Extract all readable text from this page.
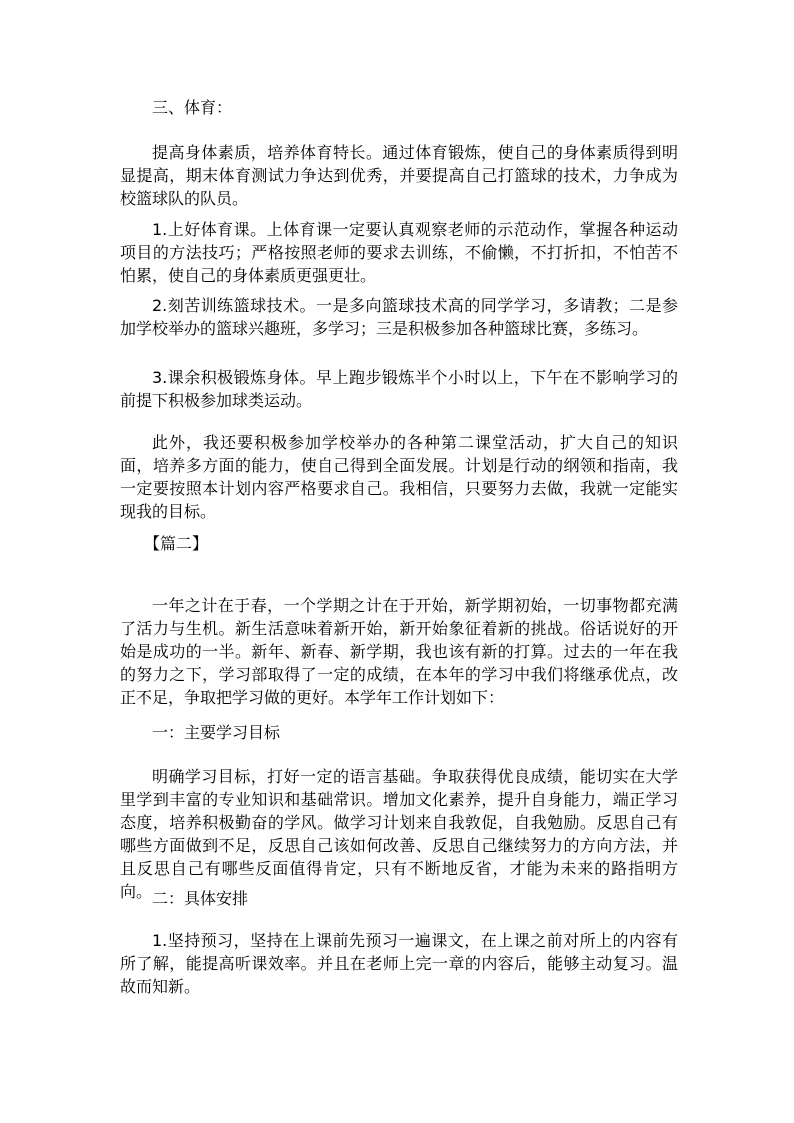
三、体育：

提高身体素质，培养体育特长。通过体育锻炼，使自己的身体素质得到明显提高，期末体育测试力争达到优秀，并要提高自己打篮球的技术，力争成为校篮球队的队员。

1.上好体育课。上体育课一定要认真观察老师的示范动作，掌握各种运动项目的方法技巧；严格按照老师的要求去训练，不偷懒，不打折扣，不怕苦不怕累，使自己的身体素质更强更壮。

2.刻苦训练篮球技术。一是多向篮球技术高的同学学习，多请教；二是参加学校举办的篮球兴趣班，多学习；三是积极参加各种篮球比赛，多练习。

3.课余积极锻炼身体。早上跑步锻炼半个小时以上，下午在不影响学习的前提下积极参加球类运动。

此外，我还要积极参加学校举办的各种第二课堂活动，扩大自己的知识面，培养多方面的能力，使自己得到全面发展。计划是行动的纲领和指南，我一定要按照本计划内容严格要求自己。我相信，只要努力去做，我就一定能实现我的目标。

【篇二】

一年之计在于春，一个学期之计在于开始，新学期初始，一切事物都充满了活力与生机。新生活意味着新开始，新开始象征着新的挑战。俗话说好的开始是成功的一半。新年、新春、新学期，我也该有新的打算。过去的一年在我的努力之下，学习部取得了一定的成绩，在本年的学习中我们将继承优点，改正不足，争取把学习做的更好。本学年工作计划如下：

一：主要学习目标

明确学习目标，打好一定的语言基础。争取获得优良成绩，能切实在大学里学到丰富的专业知识和基础常识。增加文化素养，提升自身能力，端正学习态度，培养积极勤奋的学风。做学习计划来自我敦促，自我勉励。反思自己有哪些方面做到不足，反思自己该如何改善、反思自己继续努力的方向方法，并且反思自己有哪些反面值得肯定，只有不断地反省，才能为未来的路指明方向。 二：具体安排

1.坚持预习，坚持在上课前先预习一遍课文，在上课之前对所上的内容有所了解，能提高听课效率。并且在老师上完一章的内容后，能够主动复习。温故而知新。
